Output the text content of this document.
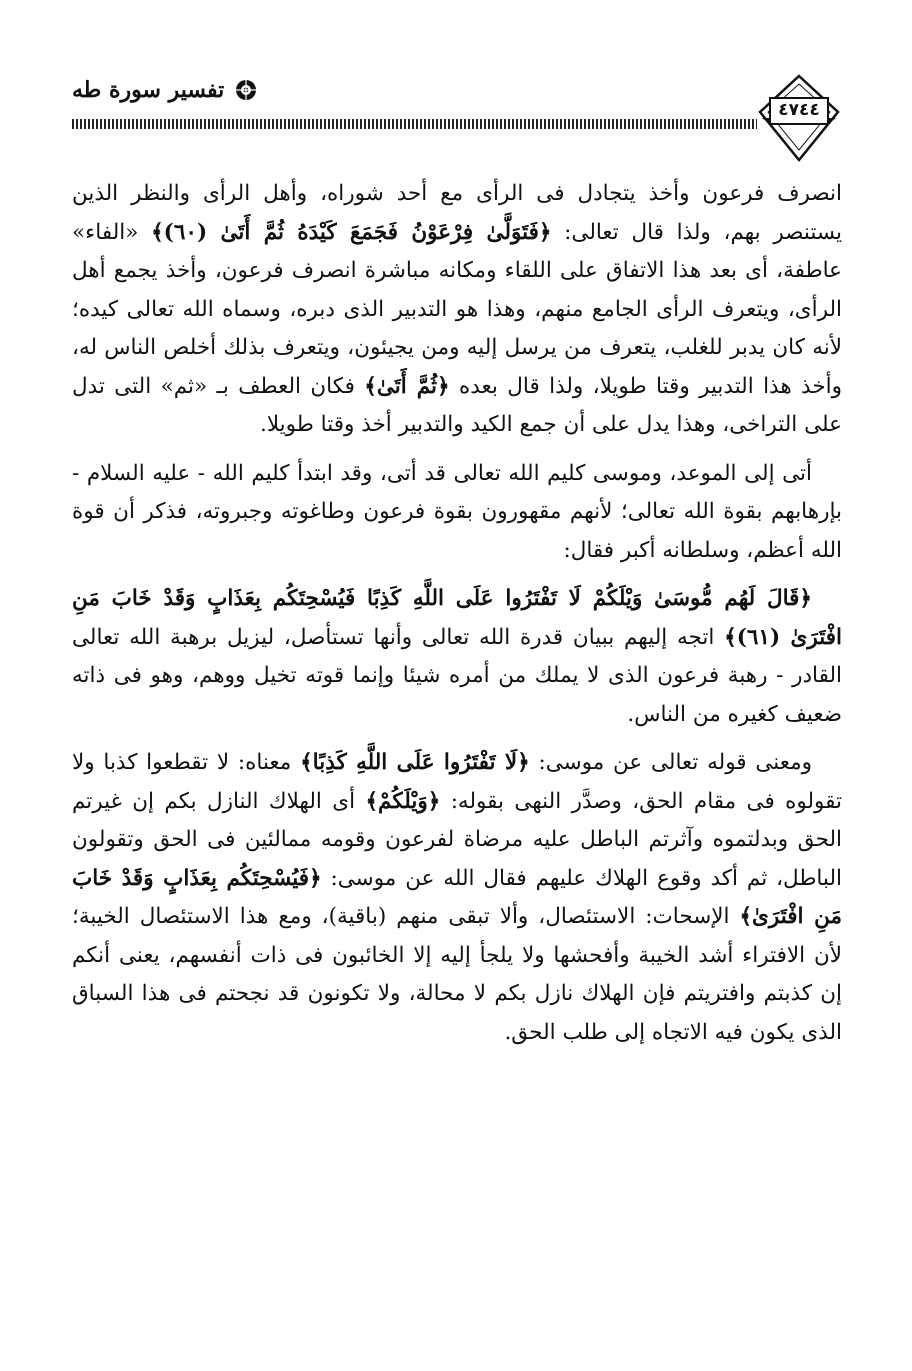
تفسير سورة طه
٤٧٤٤

انصرف فرعون وأخذ يتجادل فى الرأى مع أحد شوراه، وأهل الرأى والنظر الذين يستنصر بهم، ولذا قال تعالى: ﴿فَتَوَلَّىٰ فِرْعَوْنُ فَجَمَعَ كَيْدَهُ ثُمَّ أَتَىٰ (٦٠)﴾ «الفاء» عاطفة، أى بعد هذا الاتفاق على اللقاء ومكانه مباشرة انصرف فرعون، وأخذ يجمع أهل الرأى، ويتعرف الرأى الجامع منهم، وهذا هو التدبير الذى دبره، وسماه الله تعالى كيده؛ لأنه كان يدبر للغلب، يتعرف من يرسل إليه ومن يجيئون، ويتعرف بذلك أخلص الناس له، وأخذ هذا التدبير وقتا طويلا، ولذا قال بعده ﴿ثُمَّ أَتَىٰ﴾ فكان العطف بـ «ثم» التى تدل على التراخى، وهذا يدل على أن جمع الكيد والتدبير أخذ وقتا طويلا.

أتى إلى الموعد، وموسى كليم الله تعالى قد أتى، وقد ابتدأ كليم الله - عليه السلام - بإرهابهم بقوة الله تعالى؛ لأنهم مقهورون بقوة فرعون وطاغوته وجبروته، فذكر أن قوة الله أعظم، وسلطانه أكبر فقال:

﴿قَالَ لَهُم مُّوسَىٰ وَيْلَكُمْ لَا تَفْتَرُوا عَلَى اللَّهِ كَذِبًا فَيُسْحِتَكُم بِعَذَابٍ وَقَدْ خَابَ مَنِ افْتَرَىٰ (٦١)﴾ اتجه إليهم ببيان قدرة الله تعالى وأنها تستأصل، ليزيل برهبة الله تعالى القادر - رهبة فرعون الذى لا يملك من أمره شيئا وإنما قوته تخيل ووهم، وهو فى ذاته ضعيف كغيره من الناس.

ومعنى قوله تعالى عن موسى: ﴿لَا تَفْتَرُوا عَلَى اللَّهِ كَذِبًا﴾ معناه: لا تقطعوا كذبا ولا تقولوه فى مقام الحق، وصدَّر النهى بقوله: ﴿وَيْلَكُمْ﴾ أى الهلاك النازل بكم إن غيرتم الحق وبدلتموه وآثرتم الباطل عليه مرضاة لفرعون وقومه ممالئين فى الحق وتقولون الباطل، ثم أكد وقوع الهلاك عليهم فقال الله عن موسى: ﴿فَيُسْحِتَكُم بِعَذَابٍ وَقَدْ خَابَ مَنِ افْتَرَىٰ﴾ الإسحات: الاستئصال، وألا تبقى منهم (باقية)، ومع هذا الاستئصال الخيبة؛ لأن الافتراء أشد الخيبة وأفحشها ولا يلجأ إليه إلا الخائبون فى ذات أنفسهم، يعنى أنكم إن كذبتم وافتريتم فإن الهلاك نازل بكم لا محالة، ولا تكونون قد نجحتم فى هذا السباق الذى يكون فيه الاتجاه إلى طلب الحق.
